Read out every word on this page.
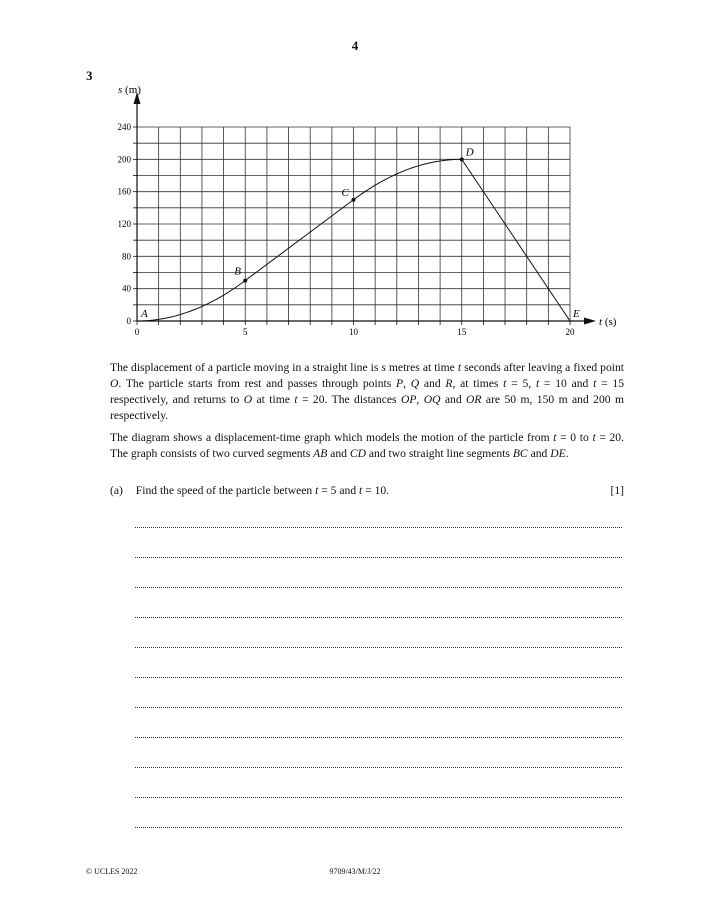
4
3
s (m)
t (s)
0	5	10	15	20
0
40
80
120
160
200
240
A
B
C
D
E
The displacement of a particle moving in a straight line is s metres at time t seconds after leaving a fixed point O. The particle starts from rest and passes through points P, Q and R, at times t = 5, t = 10 and t = 15 respectively, and returns to O at time t = 20. The distances OP, OQ and OR are 50 m, 150 m and 200 m respectively.
The diagram shows a displacement-time graph which models the motion of the particle from t = 0 to t = 20. The graph consists of two curved segments AB and CD and two straight line segments BC and DE.
(a) Find the speed of the particle between t = 5 and t = 10.	[1]
© UCLES 2022	9709/43/M/J/22
